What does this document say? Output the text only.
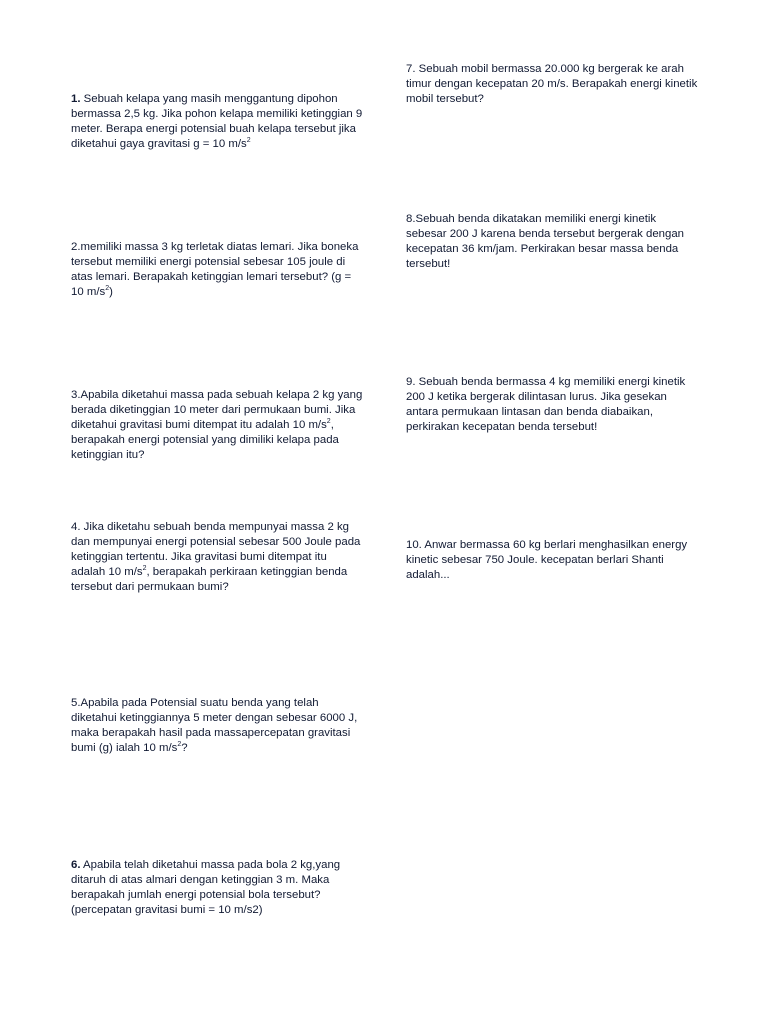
1. Sebuah kelapa yang masih menggantung dipohon bermassa 2,5 kg. Jika pohon kelapa memiliki ketinggian 9 meter. Berapa energi potensial buah kelapa tersebut jika diketahui gaya gravitasi g = 10 $m/s^2$

2.memiliki massa 3 kg terletak diatas lemari. Jika boneka tersebut memiliki energi potensial sebesar 105 joule di atas lemari. Berapakah ketinggian lemari tersebut? (g = 10 $m/s^2$)

3.Apabila diketahui massa pada sebuah kelapa 2 kg yang berada diketinggian 10 meter dari permukaan bumi. Jika diketahui gravitasi bumi ditempat itu adalah 10 $m/s^2$, berapakah energi potensial yang dimiliki kelapa pada ketinggian itu?

4. Jika diketahu sebuah benda mempunyai massa 2 kg dan mempunyai energi potensial sebesar 500 Joule pada ketinggian tertentu. Jika gravitasi bumi ditempat itu adalah 10 $m/s^2$, berapakah perkiraan ketinggian benda tersebut dari permukaan bumi?

5.Apabila pada Potensial suatu benda yang telah diketahui ketinggiannya 5 meter dengan sebesar 6000 J, maka berapakah hasil pada massapercepatan gravitasi bumi (g) ialah 10 $m/s^2$?

6. Apabila telah diketahui massa pada bola 2 kg,yang ditaruh di atas almari dengan ketinggian 3 m. Maka berapakah jumlah energi potensial bola tersebut? (percepatan gravitasi bumi = 10 m/s2)

7. Sebuah mobil bermassa 20.000 kg bergerak ke arah timur dengan kecepatan 20 m/s. Berapakah energi kinetik mobil tersebut?

8.Sebuah benda dikatakan memiliki energi kinetik sebesar 200 J karena benda tersebut bergerak dengan kecepatan 36 km/jam. Perkirakan besar massa benda tersebut!

9. Sebuah benda bermassa 4 kg memiliki energi kinetik 200 J ketika bergerak dilintasan lurus. Jika gesekan antara permukaan lintasan dan benda diabaikan, perkirakan kecepatan benda tersebut!

10. Anwar bermassa 60 kg berlari menghasilkan energy kinetic sebesar 750 Joule. kecepatan berlari Shanti adalah...
